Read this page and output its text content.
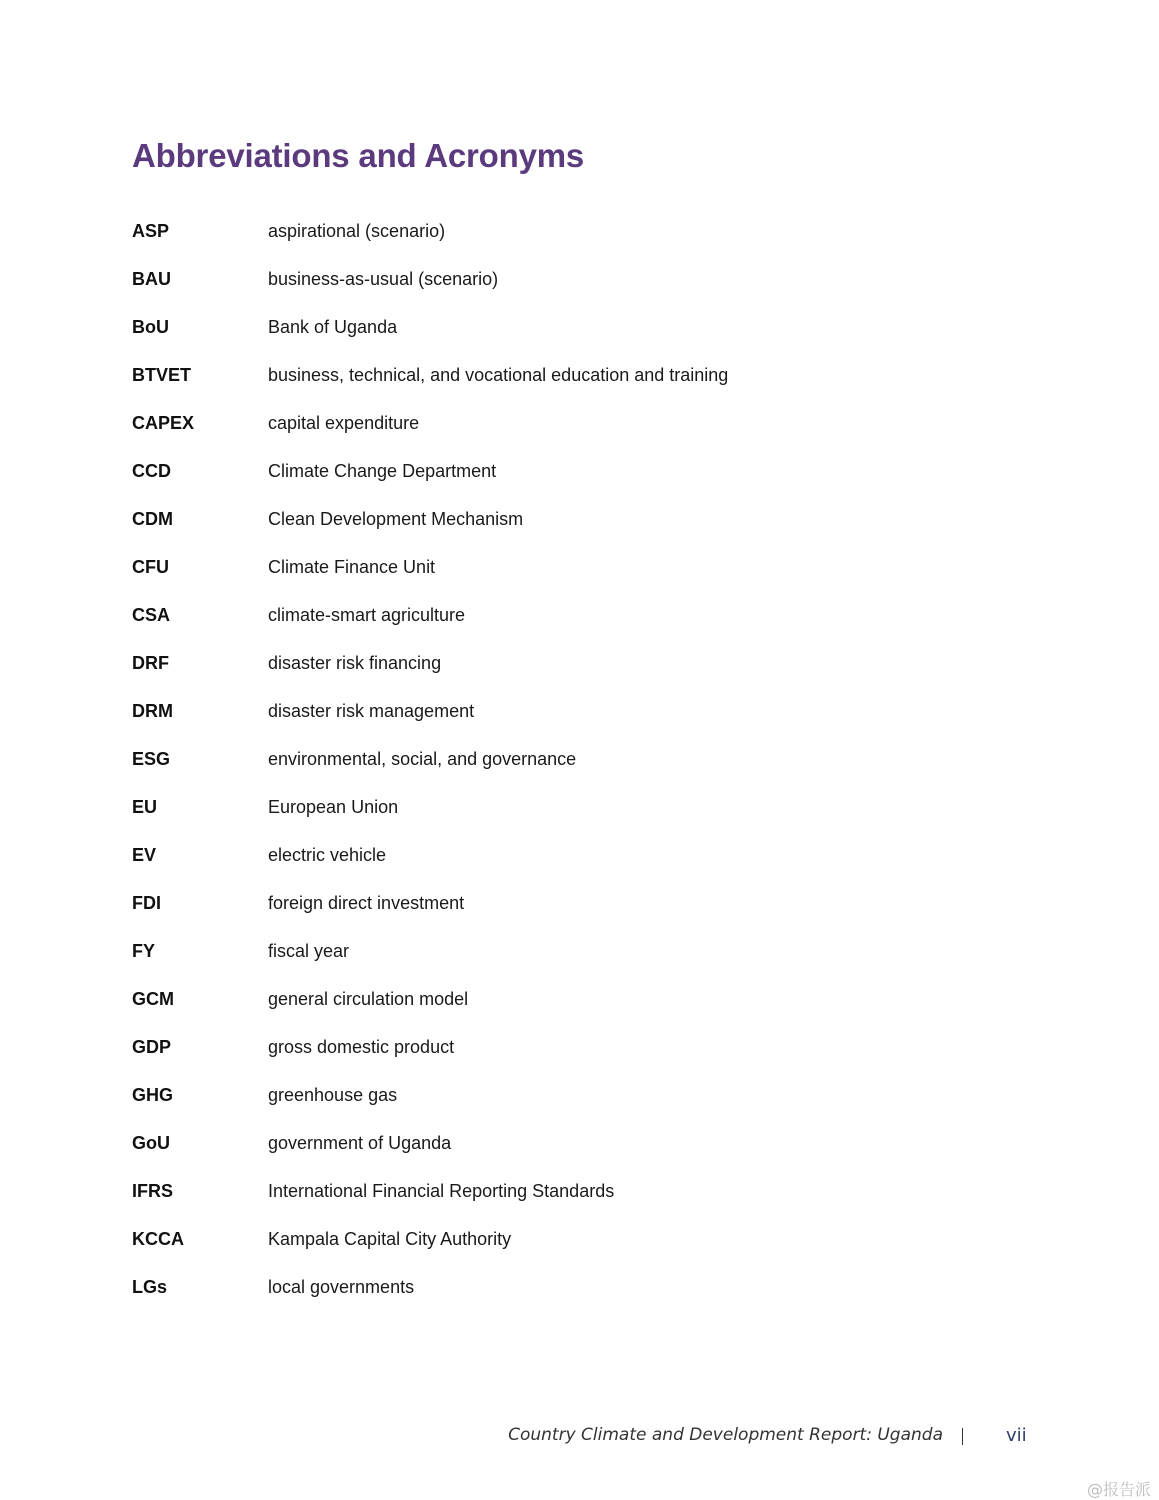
Abbreviations and Acronyms
ASP	aspirational (scenario)
BAU	business-as-usual (scenario)
BoU	Bank of Uganda
BTVET	business, technical, and vocational education and training
CAPEX	capital expenditure
CCD	Climate Change Department
CDM	Clean Development Mechanism
CFU	Climate Finance Unit
CSA	climate-smart agriculture
DRF	disaster risk financing
DRM	disaster risk management
ESG	environmental, social, and governance
EU	European Union
EV	electric vehicle
FDI	foreign direct investment
FY	fiscal year
GCM	general circulation model
GDP	gross domestic product
GHG	greenhouse gas
GoU	government of Uganda
IFRS	International Financial Reporting Standards
KCCA	Kampala Capital City Authority
LGs	local governments
Country Climate and Development Report: Uganda	vii
@报告派
